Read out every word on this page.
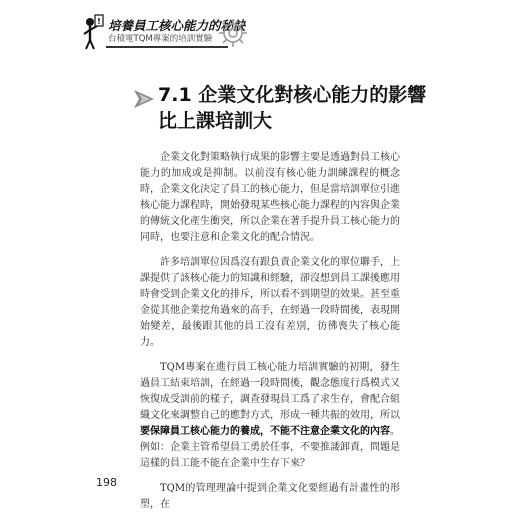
! 培養員工核心能力的秘訣
台積電TQM專案的培訓實驗
7.1 企業文化對核心能力的影響比上課培訓大

企業文化對策略執行成果的影響主要是透過對員工核心能力的加成或是抑制。以前沒有核心能力訓練課程的概念時，企業文化決定了員工的核心能力，但是當培訓單位引進核心能力課程時，開始發現某些核心能力課程的內容與企業的傳統文化產生衝突，所以企業在著手提升員工核心能力的同時，也要注意和企業文化的配合情況。

許多培訓單位因爲沒有跟負責企業文化的單位聯手，上課提供了該核心能力的知識和經驗，卻沒想到員工課後應用時會受到企業文化的排斥，所以看不到期望的效果。甚至重金從其他企業挖角過來的高手，在經過一段時間後，表現開始變差，最後跟其他的員工沒有差別，彷彿喪失了核心能力。

TQM專案在進行員工核心能力培訓實驗的初期，發生過員工結束培訓，在經過一段時間後，觀念態度行爲模式又恢復成受訓前的樣子，調查發現員工爲了求生存，會配合組織文化來調整自己的應對方式，形成一種共振的效用，所以要保障員工核心能力的養成，不能不注意企業文化的內容。例如：企業主管希望員工勇於任事，不要推諉卸責，問題是這樣的員工能不能在企業中生存下來？

TQM的管理理論中提到企業文化要經過有計畫性的形塑，在

198
